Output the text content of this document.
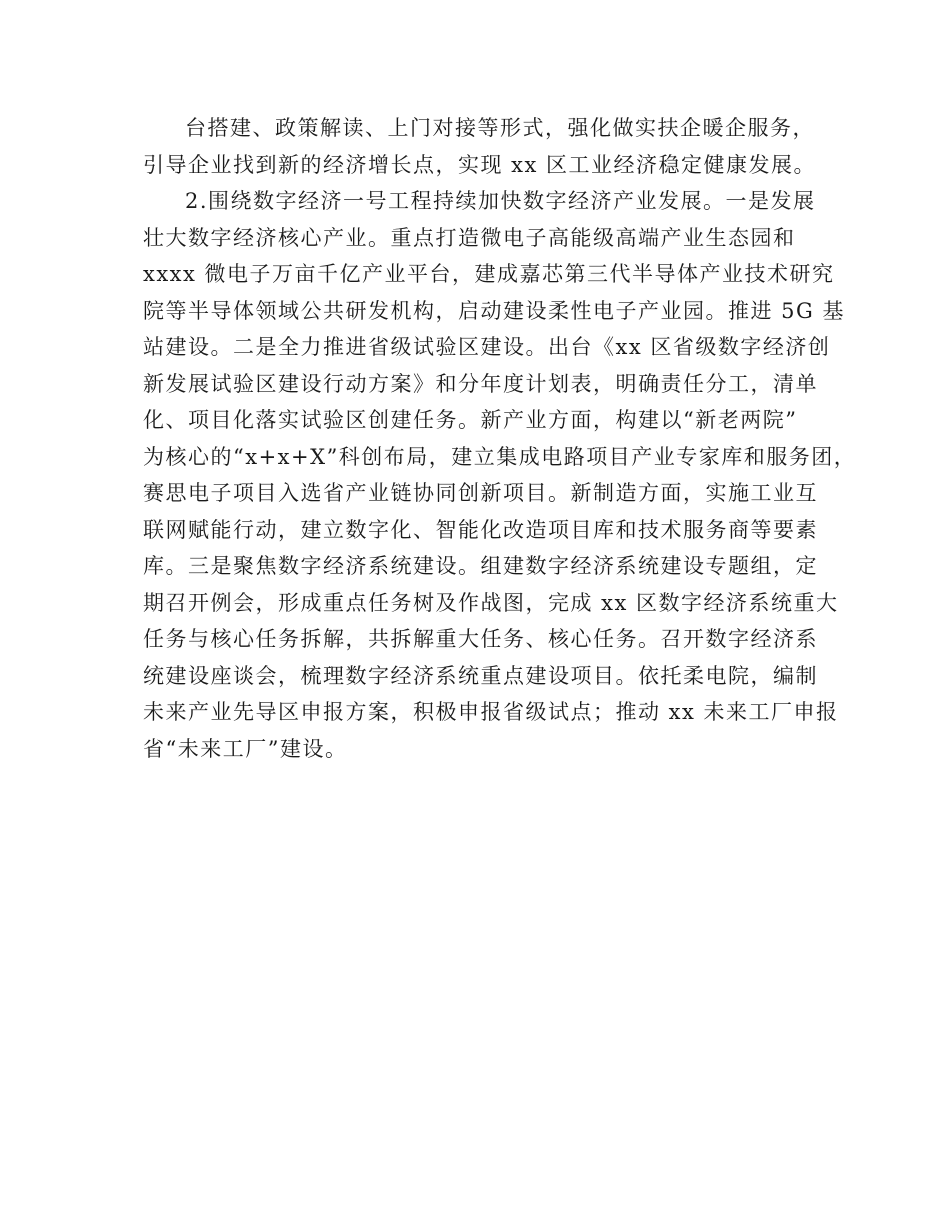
台搭建、政策解读、上门对接等形式，强化做实扶企暖企服务，
引导企业找到新的经济增长点，实现 xx 区工业经济稳定健康发展。
2.围绕数字经济一号工程持续加快数字经济产业发展。一是发展
壮大数字经济核心产业。重点打造微电子高能级高端产业生态园和
xxxx 微电子万亩千亿产业平台，建成嘉芯第三代半导体产业技术研究
院等半导体领域公共研发机构，启动建设柔性电子产业园。推进 5G 基
站建设。二是全力推进省级试验区建设。出台《xx 区省级数字经济创
新发展试验区建设行动方案》和分年度计划表，明确责任分工，清单
化、项目化落实试验区创建任务。新产业方面，构建以“新老两院”
为核心的“x+x+X”科创布局，建立集成电路项目产业专家库和服务团，
赛思电子项目入选省产业链协同创新项目。新制造方面，实施工业互
联网赋能行动，建立数字化、智能化改造项目库和技术服务商等要素
库。三是聚焦数字经济系统建设。组建数字经济系统建设专题组，定
期召开例会，形成重点任务树及作战图，完成 xx 区数字经济系统重大
任务与核心任务拆解，共拆解重大任务、核心任务。召开数字经济系
统建设座谈会，梳理数字经济系统重点建设项目。依托柔电院，编制
未来产业先导区申报方案，积极申报省级试点；推动 xx 未来工厂申报
省“未来工厂”建设。
